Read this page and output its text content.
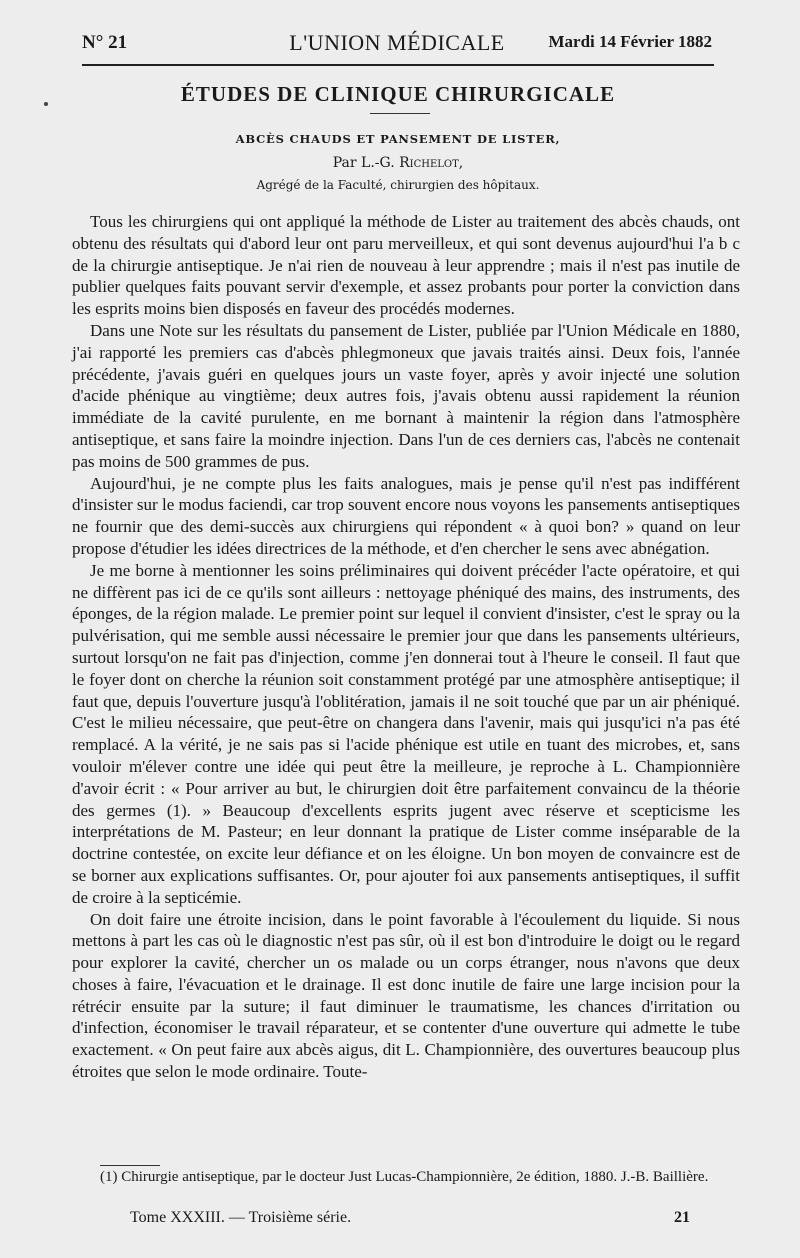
N° 21	L'UNION MÉDICALE	Mardi 14 Février 1882
ÉTUDES DE CLINIQUE CHIRURGICALE
ABCÈS CHAUDS ET PANSEMENT DE LISTER,
Par L.-G. Richelot,
Agrégé de la Faculté, chirurgien des hôpitaux.

Tous les chirurgiens qui ont appliqué la méthode de Lister au traitement des abcès chauds, ont obtenu des résultats qui d'abord leur ont paru merveilleux, et qui sont devenus aujourd'hui l'a b c de la chirurgie antiseptique. Je n'ai rien de nouveau à leur apprendre ; mais il n'est pas inutile de publier quelques faits pouvant servir d'exemple, et assez probants pour porter la conviction dans les esprits moins bien disposés en faveur des procédés modernes.

Dans une Note sur les résultats du pansement de Lister, publiée par l'Union Médicale en 1880, j'ai rapporté les premiers cas d'abcès phlegmoneux que javais traités ainsi. Deux fois, l'année précédente, j'avais guéri en quelques jours un vaste foyer, après y avoir injecté une solution d'acide phénique au vingtième; deux autres fois, j'avais obtenu aussi rapidement la réunion immédiate de la cavité purulente, en me bornant à maintenir la région dans l'atmosphère antiseptique, et sans faire la moindre injection. Dans l'un de ces derniers cas, l'abcès ne contenait pas moins de 500 grammes de pus.

Aujourd'hui, je ne compte plus les faits analogues, mais je pense qu'il n'est pas indifférent d'insister sur le modus faciendi, car trop souvent encore nous voyons les pansements antiseptiques ne fournir que des demi-succès aux chirurgiens qui répondent « à quoi bon? » quand on leur propose d'étudier les idées directrices de la méthode, et d'en chercher le sens avec abnégation.

Je me borne à mentionner les soins préliminaires qui doivent précéder l'acte opératoire, et qui ne diffèrent pas ici de ce qu'ils sont ailleurs : nettoyage phéniqué des mains, des instruments, des éponges, de la région malade. Le premier point sur lequel il convient d'insister, c'est le spray ou la pulvérisation, qui me semble aussi nécessaire le premier jour que dans les pansements ultérieurs, surtout lorsqu'on ne fait pas d'injection, comme j'en donnerai tout à l'heure le conseil. Il faut que le foyer dont on cherche la réunion soit constamment protégé par une atmosphère antiseptique; il faut que, depuis l'ouverture jusqu'à l'oblitération, jamais il ne soit touché que par un air phéniqué. C'est le milieu nécessaire, que peut-être on changera dans l'avenir, mais qui jusqu'ici n'a pas été remplacé. A la vérité, je ne sais pas si l'acide phénique est utile en tuant des microbes, et, sans vouloir m'élever contre une idée qui peut être la meilleure, je reproche à L. Championnière d'avoir écrit : « Pour arriver au but, le chirurgien doit être parfaitement convaincu de la théorie des germes (1). » Beaucoup d'excellents esprits jugent avec réserve et scepticisme les interprétations de M. Pasteur; en leur donnant la pratique de Lister comme inséparable de la doctrine contestée, on excite leur défiance et on les éloigne. Un bon moyen de convaincre est de se borner aux explications suffisantes. Or, pour ajouter foi aux pansements antiseptiques, il suffit de croire à la septicémie.

On doit faire une étroite incision, dans le point favorable à l'écoulement du liquide. Si nous mettons à part les cas où le diagnostic n'est pas sûr, où il est bon d'introduire le doigt ou le regard pour explorer la cavité, chercher un os malade ou un corps étranger, nous n'avons que deux choses à faire, l'évacuation et le drainage. Il est donc inutile de faire une large incision pour la rétrécir ensuite par la suture; il faut diminuer le traumatisme, les chances d'irritation ou d'infection, économiser le travail réparateur, et se contenter d'une ouverture qui admette le tube exactement. « On peut faire aux abcès aigus, dit L. Championnière, des ouvertures beaucoup plus étroites que selon le mode ordinaire. Toute-

(1) Chirurgie antiseptique, par le docteur Just Lucas-Championnière, 2e édition, 1880. J.-B. Baillière.
Tome XXXIII. — Troisième série.	21
